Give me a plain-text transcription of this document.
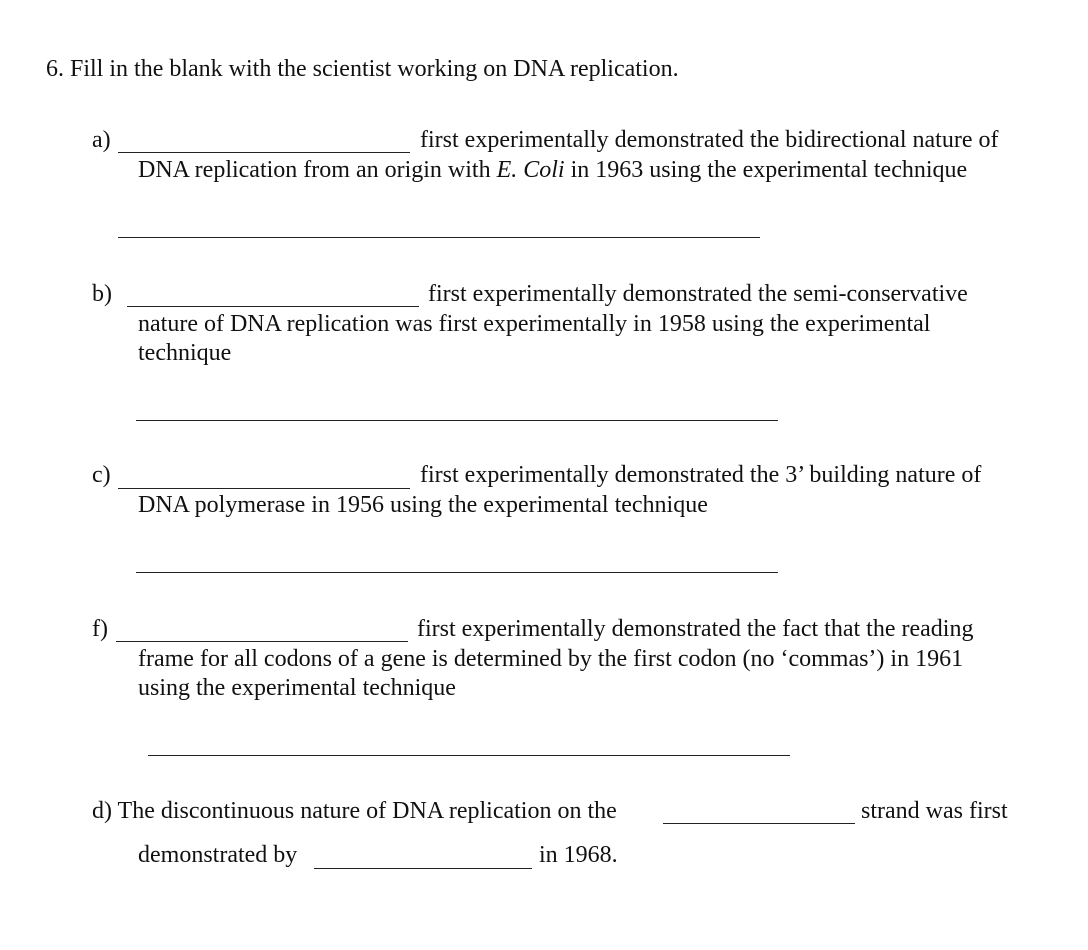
6. Fill in the blank with the scientist working on DNA replication.
a)	first experimentally demonstrated the bidirectional nature of
DNA replication from an origin with E. Coli in 1963 using the experimental technique
b)	first experimentally demonstrated the semi-conservative
nature of DNA replication was first experimentally in 1958 using the experimental
technique
c)	first experimentally demonstrated the 3’ building nature of
DNA polymerase in 1956 using the experimental technique
f)	first experimentally demonstrated the fact that the reading
frame for all codons of a gene is determined by the first codon (no ‘commas’) in 1961
using the experimental technique
d) The discontinuous nature of DNA replication on the	strand was first
demonstrated by	in 1968.
